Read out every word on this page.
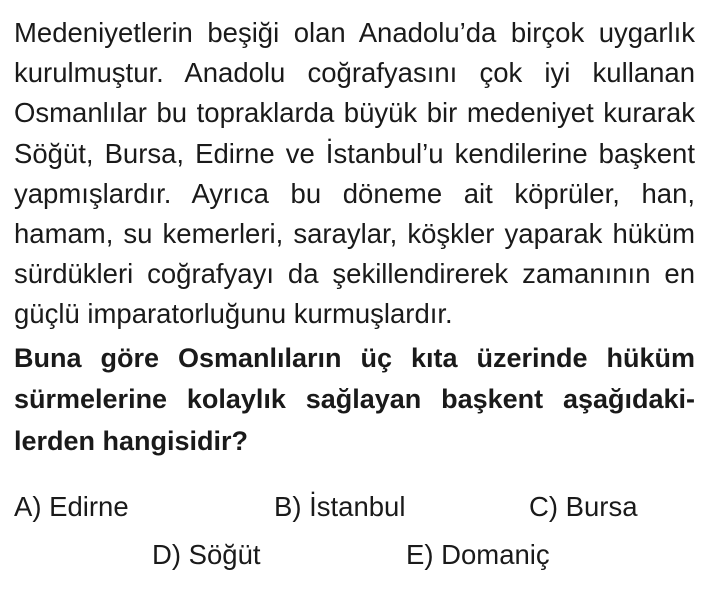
Medeniyetlerin beşiği olan Anadolu’da birçok uygarlık
kurulmuştur. Anadolu coğrafyasını çok iyi kullanan
Osmanlılar bu topraklarda büyük bir medeniyet kurarak
Söğüt, Bursa, Edirne ve İstanbul’u kendilerine başkent
yapmışlardır. Ayrıca bu döneme ait köprüler, han,
hamam, su kemerleri, saraylar, köşkler yaparak hüküm
sürdükleri coğrafyayı da şekillendirerek zamanının en
güçlü imparatorluğunu kurmuşlardır.
Buna göre Osmanlıların üç kıta üzerinde hüküm
sürmelerine kolaylık sağlayan başkent aşağıdaki-
lerden hangisidir?
A) Edirne	B) İstanbul	C) Bursa
D) Söğüt	E) Domaniç
